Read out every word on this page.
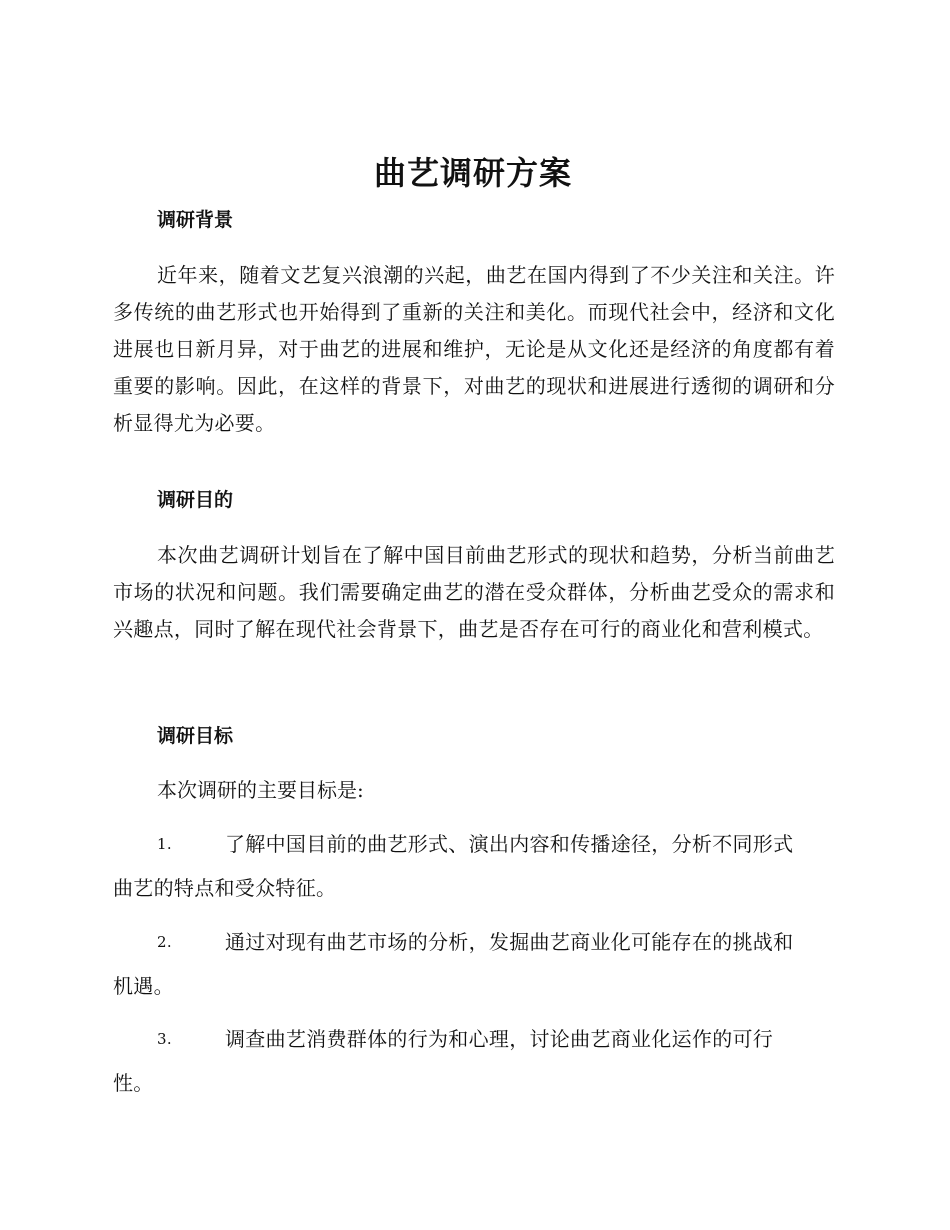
曲艺调研方案
调研背景
近年来，随着文艺复兴浪潮的兴起，曲艺在国内得到了不少关注和关注。许多传统的曲艺形式也开始得到了重新的关注和美化。而现代社会中，经济和文化进展也日新月异，对于曲艺的进展和维护，无论是从文化还是经济的角度都有着重要的影响。因此，在这样的背景下，对曲艺的现状和进展进行透彻的调研和分析显得尤为必要。
调研目的
本次曲艺调研计划旨在了解中国目前曲艺形式的现状和趋势，分析当前曲艺市场的状况和问题。我们需要确定曲艺的潜在受众群体，分析曲艺受众的需求和兴趣点，同时了解在现代社会背景下，曲艺是否存在可行的商业化和营利模式。
调研目标
本次调研的主要目标是:
1.	了解中国目前的曲艺形式、演出内容和传播途径，分析不同形式
曲艺的特点和受众特征。
2.	通过对现有曲艺市场的分析，发掘曲艺商业化可能存在的挑战和
机遇。
3.	调查曲艺消费群体的行为和心理，讨论曲艺商业化运作的可行
性。
